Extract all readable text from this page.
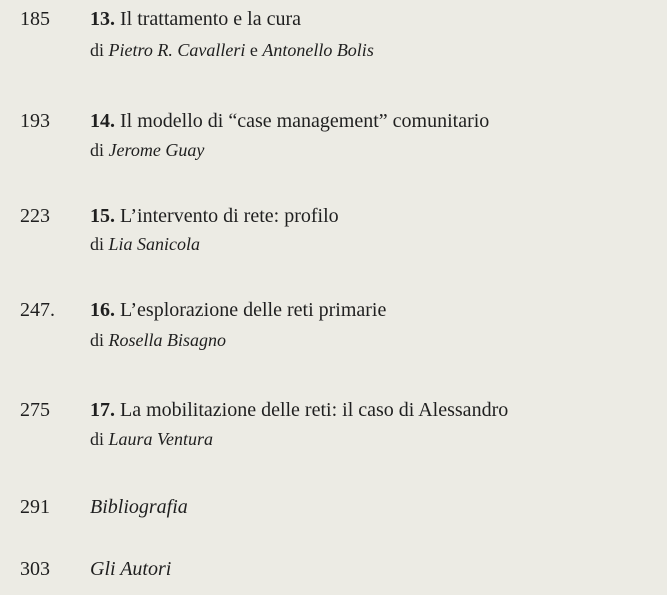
185	13. Il trattamento e la cura
di Pietro R. Cavalleri e Antonello Bolis
193	14. Il modello di “case management” comunitario
di Jerome Guay
223	15. L’intervento di rete: profilo
di Lia Sanicola
247.	16. L’esplorazione delle reti primarie
di Rosella Bisagno
275	17. La mobilitazione delle reti: il caso di Alessandro
di Laura Ventura
291	Bibliografia
303	Gli Autori
